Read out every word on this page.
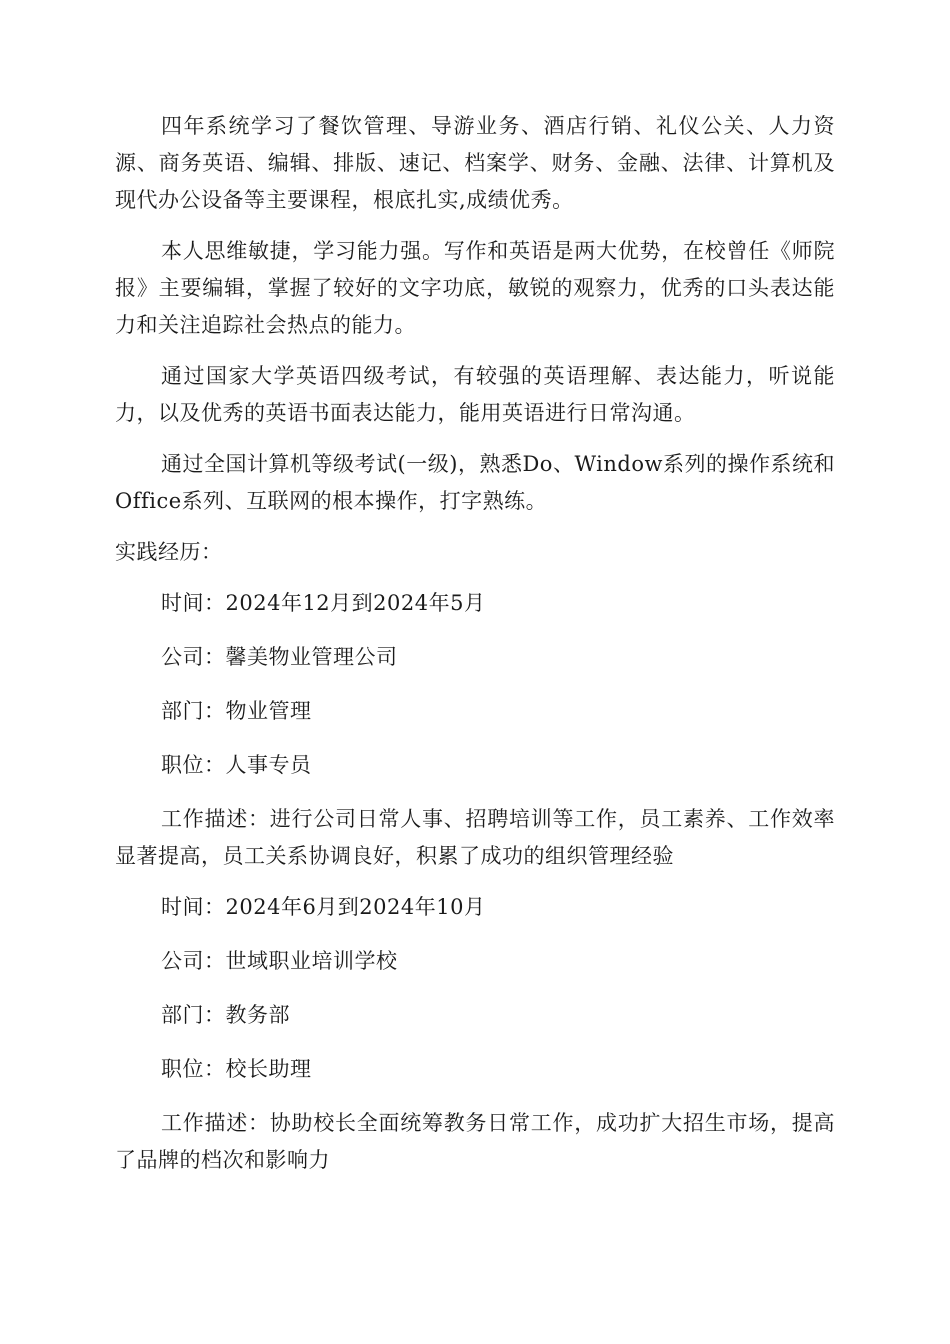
四年系统学习了餐饮管理、导游业务、酒店行销、礼仪公关、人力资源、商务英语、编辑、排版、速记、档案学、财务、金融、法律、计算机及现代办公设备等主要课程，根底扎实,成绩优秀。

本人思维敏捷，学习能力强。写作和英语是两大优势，在校曾任《师院报》主要编辑，掌握了较好的文字功底，敏锐的观察力，优秀的口头表达能力和关注追踪社会热点的能力。

通过国家大学英语四级考试，有较强的英语理解、表达能力，听说能力，以及优秀的英语书面表达能力，能用英语进行日常沟通。

通过全国计算机等级考试(一级)，熟悉Do、Window系列的操作系统和Office系列、互联网的根本操作，打字熟练。

实践经历：

时间：2024年12月到2024年5月

公司：馨美物业管理公司

部门：物业管理

职位：人事专员

工作描述：进行公司日常人事、招聘培训等工作，员工素养、工作效率显著提高，员工关系协调良好，积累了成功的组织管理经验

时间：2024年6月到2024年10月

公司：世域职业培训学校

部门：教务部

职位：校长助理

工作描述：协助校长全面统筹教务日常工作，成功扩大招生市场，提高了品牌的档次和影响力
